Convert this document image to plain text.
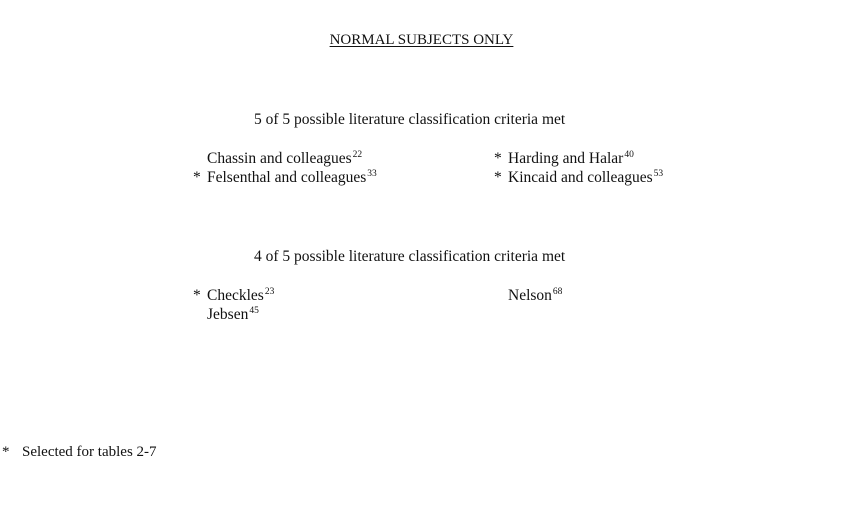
NORMAL SUBJECTS ONLY
5 of 5 possible literature classification criteria met
Chassin and colleagues$^{22}$
* Felsenthal and colleagues$^{33}$
* Harding and Halar$^{40}$
* Kincaid and colleagues$^{53}$
4 of 5 possible literature classification criteria met
* Checkles$^{23}$
Jebsen$^{45}$
Nelson$^{68}$
* Selected for tables 2-7
